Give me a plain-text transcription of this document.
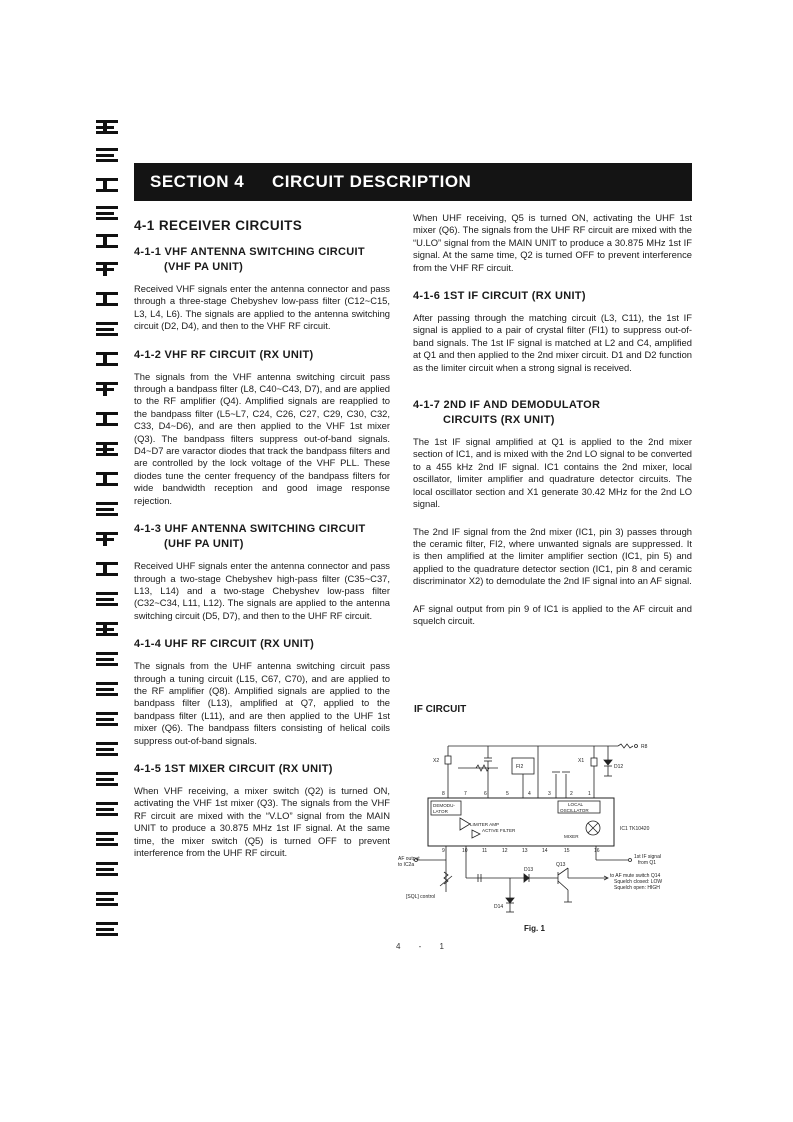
SECTION 4	CIRCUIT DESCRIPTION
4-1 RECEIVER CIRCUITS
4-1-1 VHF ANTENNA SWITCHING CIRCUIT
(VHF PA UNIT)

Received VHF signals enter the antenna connector and pass through a three-stage Chebyshev low-pass filter (C12~C15, L3, L4, L6). The signals are applied to the antenna switching circuit (D2, D4), and then to the VHF RF circuit.

4-1-2 VHF RF CIRCUIT (RX UNIT)

The signals from the VHF antenna switching circuit pass through a bandpass filter (L8, C40~C43, D7), and are applied to the RF amplifier (Q4). Amplified signals are reapplied to the bandpass filter (L5~L7, C24, C26, C27, C29, C30, C32, C33, D4~D6), and are then applied to the VHF 1st mixer (Q3). The bandpass filters suppress out-of-band signals. D4~D7 are varactor diodes that track the bandpass filters and are controlled by the lock voltage of the VHF PLL. These diodes tune the center frequency of the bandpass filters for wide bandwidth reception and good image response rejection.

4-1-3 UHF ANTENNA SWITCHING CIRCUIT
(UHF PA UNIT)

Received UHF signals enter the antenna connector and pass through a two-stage Chebyshev high-pass filter (C35~C37, L13, L14) and a two-stage Chebyshev low-pass filter (C32~C34, L11, L12). The signals are applied to the antenna switching circuit (D5, D7), and then to the UHF RF circuit.

4-1-4 UHF RF CIRCUIT (RX UNIT)

The signals from the UHF antenna switching circuit pass through a tuning circuit (L15, C67, C70), and are applied to the RF amplifier (Q8). Amplified signals are applied to the bandpass filter (L13), amplified at Q7, applied to the bandpass filter (L11), and are then applied to the UHF 1st mixer (Q6). The bandpass filters consisting of helical coils suppress out-of-band signals.

4-1-5 1ST MIXER CIRCUIT (RX UNIT)

When VHF receiving, a mixer switch (Q2) is turned ON, activating the VHF 1st mixer (Q3). The signals from the VHF RF circuit are mixed with the “V.LO” signal from the MAIN UNIT to produce a 30.875 MHz 1st IF signal. At the same time, the mixer switch (Q5) is turned OFF to prevent interference from the UHF RF circuit.

When UHF receiving, Q5 is turned ON, activating the UHF 1st mixer (Q6). The signals from the UHF RF circuit are mixed with the “U.LO” signal from the MAIN UNIT to produce a 30.875 MHz 1st IF signal. At the same time, Q2 is turned OFF to prevent interference from the VHF RF circuit.

4-1-6 1ST IF CIRCUIT (RX UNIT)

After passing through the matching circuit (L3, C11), the 1st IF signal is applied to a pair of crystal filter (FI1) to suppress out-of-band signals. The 1st IF signal is matched at L2 and C4, amplified at Q1 and then applied to the 2nd mixer circuit. D1 and D2 function as the limiter circuit when a strong signal is received.

4-1-7 2ND IF AND DEMODULATOR
CIRCUITS (RX UNIT)

The 1st IF signal amplified at Q1 is applied to the 2nd mixer section of IC1, and is mixed with the 2nd LO signal to be converted to a 455 kHz 2nd IF signal. IC1 contains the 2nd mixer, local oscillator, limiter amplifier and quadrature detector circuits. The local oscillator section and X1 generate 30.42 MHz for the 2nd LO signal.

The 2nd IF signal from the 2nd mixer (IC1, pin 3) passes through the ceramic filter, FI2, where unwanted signals are suppressed. It is then amplified at the limiter amplifier section (IC1, pin 5) and applied to the quadrature detector section (IC1, pin 8 and ceramic discriminator X2) to demodulate the 2nd IF signal into an AF signal.

AF signal output from pin 9 of IC1 is applied to the AF circuit and squelch circuit.

IF CIRCUIT
R8
X1
D12
X2
FI2
DEMODU-
LATOR
LOCAL
OSCILLATOR
MIXER
LIMITER AMP
ACTIVE FILTER	IC1 TK10420
8	7	6	5	4	3	2	1
9	10	11	12	13	14	15	16
1st IF signal
from Q1
AF output
to IC2a
[SQL] control
D13
D14
Q13
to AF mute switch Q14
Squelch closed: LOW
Squelch open: HIGH
Fig. 1
4 - 1
